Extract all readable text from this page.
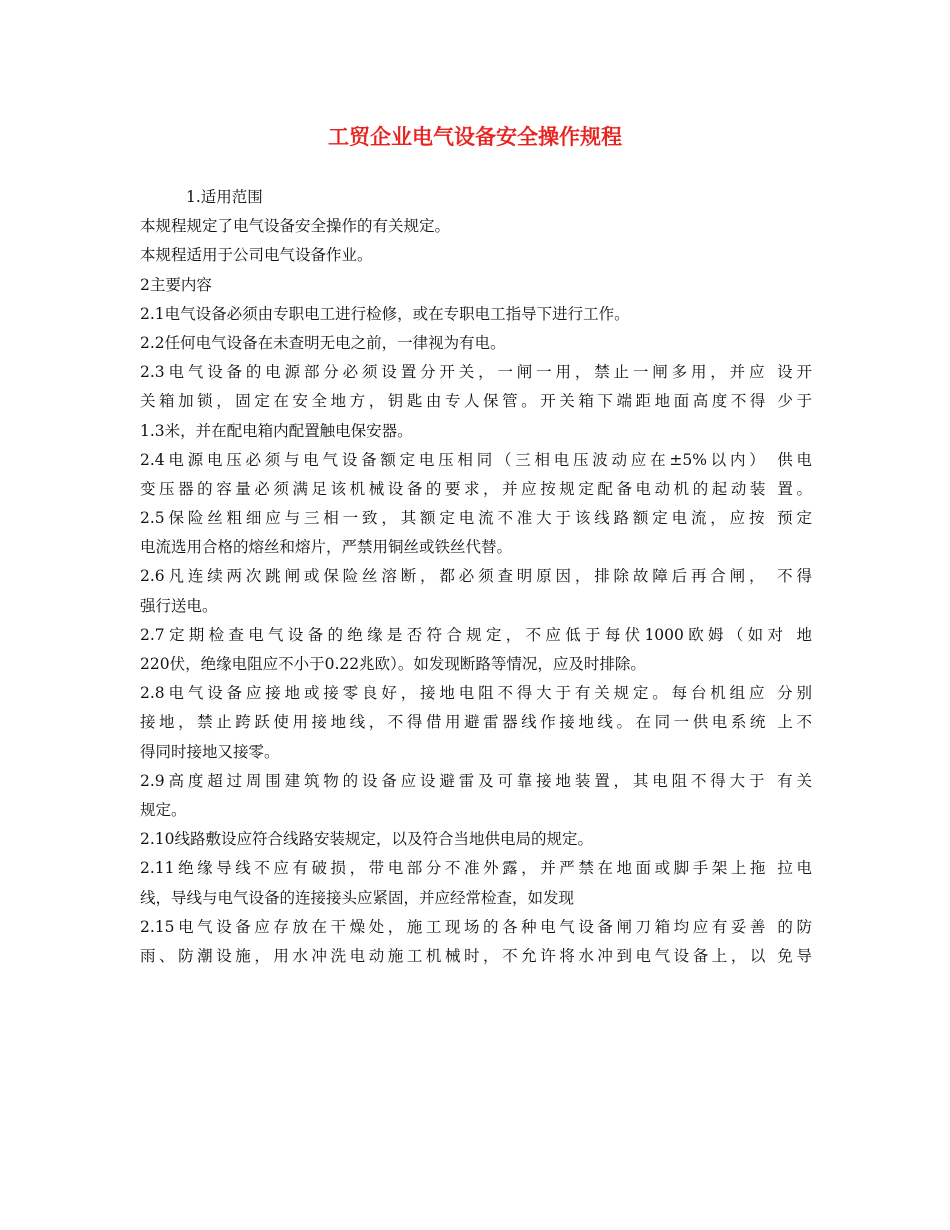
工贸企业电气设备安全操作规程
1.适用范围
本规程规定了电气设备安全操作的有关规定。
本规程适用于公司电气设备作业。
2主要内容
2.1电气设备必须由专职电工进行检修，或在专职电工指导下进行工作。
2.2任何电气设备在未查明无电之前，一律视为有电。
2.3电气设备的电源部分必须设置分开关，一闸一用，禁止一闸多用，并应 设开
关箱加锁，固定在安全地方，钥匙由专人保管。开关箱下端距地面高度不得 少于
1.3米，并在配电箱内配置触电保安器。
2.4电源电压必须与电气设备额定电压相同（三相电压波动应在±5%以内） 供电
变压器的容量必须满足该机械设备的要求，并应按规定配备电动机的起动装 置。
2.5保险丝粗细应与三相一致，其额定电流不准大于该线路额定电流，应按 预定
电流选用合格的熔丝和熔片，严禁用铜丝或铁丝代替。
2.6凡连续两次跳闸或保险丝溶断，都必须查明原因，排除故障后再合闸， 不得
强行送电。
2.7定期检查电气设备的绝缘是否符合规定，不应低于每伏1000欧姆（如对 地
220伏，绝缘电阻应不小于0.22兆欧）。如发现断路等情况，应及时排除。
2.8电气设备应接地或接零良好，接地电阻不得大于有关规定。每台机组应 分别
接地，禁止跨跃使用接地线，不得借用避雷器线作接地线。在同一供电系统 上不
得同时接地又接零。
2.9高度超过周围建筑物的设备应设避雷及可靠接地装置，其电阻不得大于 有关
规定。
2.10线路敷设应符合线路安装规定，以及符合当地供电局的规定。
2.11绝缘导线不应有破损，带电部分不准外露，并严禁在地面或脚手架上拖 拉电
线，导线与电气设备的连接接头应紧固，并应经常检查，如发现
2.15电气设备应存放在干燥处，施工现场的各种电气设备闸刀箱均应有妥善 的防
雨、防潮设施，用水冲洗电动施工机械时，不允许将水冲到电气设备上，以 免导
